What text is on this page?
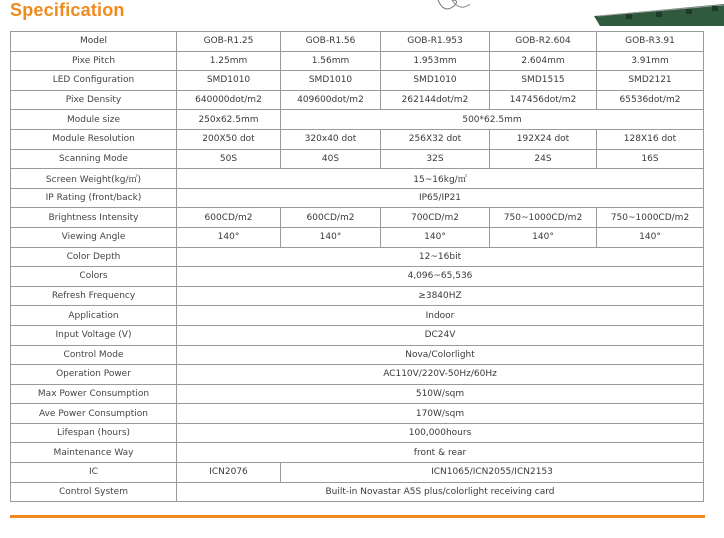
Specification
Model	GOB-R1.25	GOB-R1.56	GOB-R1.953	GOB-R2.604	GOB-R3.91
Pixe Pitch	1.25mm	1.56mm	1.953mm	2.604mm	3.91mm
LED Configuration	SMD1010	SMD1010	SMD1010	SMD1515	SMD2121
Pixe Density	640000dot/m2	409600dot/m2	262144dot/m2	147456dot/m2	65536dot/m2
Module size	250x62.5mm	500*62.5mm			
Module Resolution	200X50 dot	320x40 dot	256X32 dot	192X24 dot	128X16 dot
Scanning Mode	50S	40S	32S	24S	16S
Screen Weight(kg/㎡)	15~16kg/㎡				
IP Rating (front/back)	IP65/IP21				
Brightness Intensity	600CD/m2	600CD/m2	700CD/m2	750~1000CD/m2	750~1000CD/m2
Viewing Angle	140°	140°	140°	140°	140°
Color Depth	12~16bit				
Colors	4,096~65,536				
Refresh Frequency	≥3840HZ				
Application	Indoor				
Input Voltage (V)	DC24V				
Control Mode	Nova/Colorlight				
Operation Power	AC110V/220V-50Hz/60Hz				
Max Power Consumption	510W/sqm				
Ave Power Consumption	170W/sqm				
Lifespan (hours)	100,000hours				
Maintenance Way	front & rear				
IC	ICN2076	ICN1065/ICN2055/ICN2153			
Control System	Built-in Novastar A5S plus/colorlight receiving card				
